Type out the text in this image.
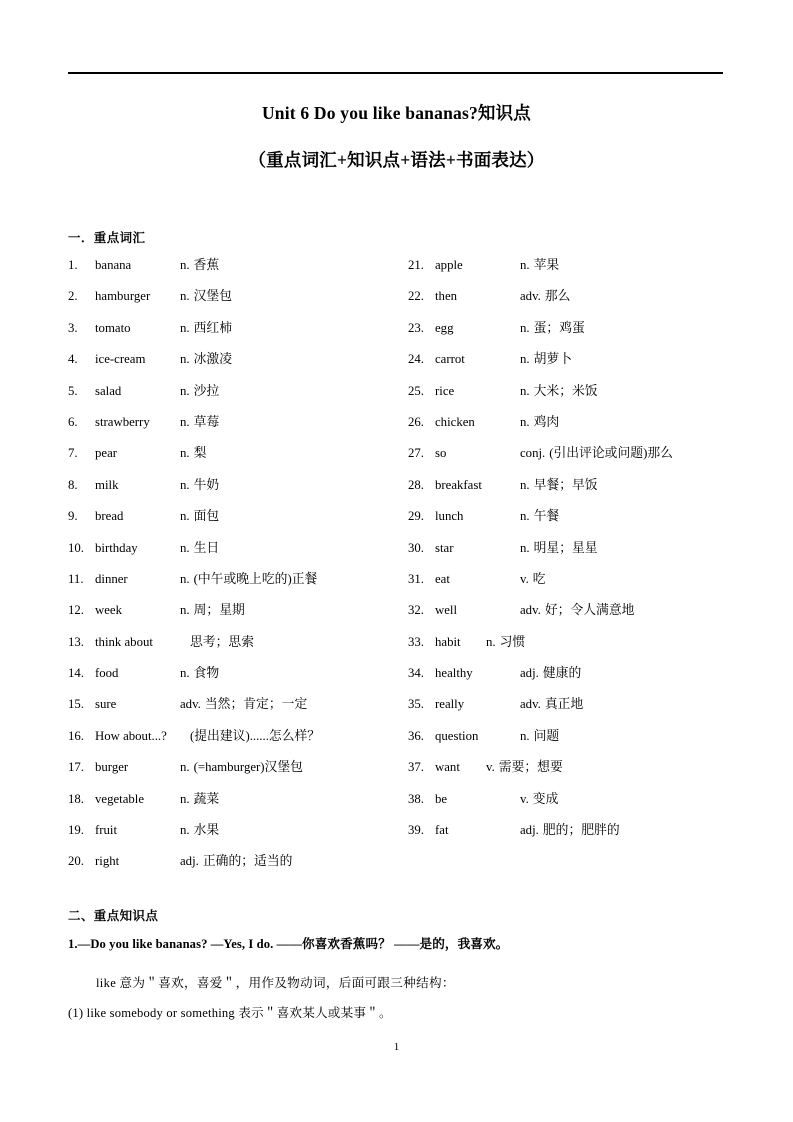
Unit 6 Do you like bananas?知识点
（重点词汇+知识点+语法+书面表达）
一．重点词汇
1.	banana	n. 香蕉
2.	hamburger n. 汉堡包
3.	tomato	n. 西红柿
4.	ice-cream	n. 冰激凌
5.	salad	n. 沙拉
6.	strawberry n. 草莓
7.	pear	n. 梨
8.	milk	n. 牛奶
9.	bread	n. 面包
10. birthday	n. 生日
11. dinner	n. (中午或晚上吃的)正餐
12. week	n. 周；星期
13. think about	思考；思索
14. food	n. 食物
15. sure	adv. 当然；肯定；一定
16. How about...?	(提出建议)......怎么样？
17. burger	n. (=hamburger)汉堡包
18. vegetable	n. 蔬菜
19. fruit	n. 水果
20. right	adj. 正确的；适当的
21. apple	n. 苹果
22. then	adv. 那么
23. egg	n. 蛋；鸡蛋
24. carrot	n. 胡萝卜
25. rice	n. 大米；米饭
26. chicken	n. 鸡肉
27. so	conj. (引出评论或问题)那么
28. breakfast	n. 早餐；早饭
29. lunch	n. 午餐
30. star	n. 明星；星星
31. eat	v. 吃
32. well	adv. 好；令人满意地
33. habit n. 习惯
34. healthy	adj. 健康的
35. really	adv. 真正地
36. question	n. 问题
37. want v. 需要；想要
38. be	v. 变成
39. fat	adj. 肥的；肥胖的
二、重点知识点
1.—Do you like bananas? —Yes, I do. ——你喜欢香蕉吗？ ——是的，我喜欢。
like 意为＂喜欢，喜爱＂，用作及物动词，后面可跟三种结构：
(1) like somebody or something 表示＂喜欢某人或某事＂。
1
